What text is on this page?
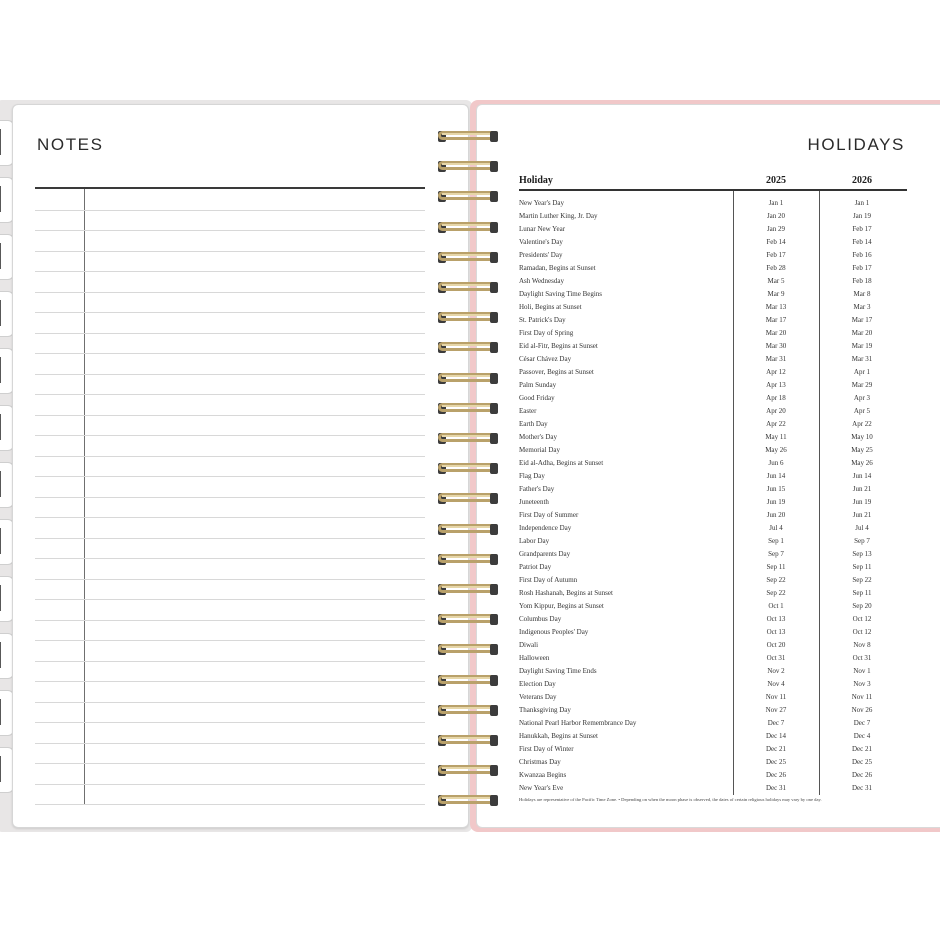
NOTES	HOLIDAYS
Holiday	2025	2026
New Year's Day	Jan 1	Jan 1
Martin Luther King, Jr. Day	Jan 20	Jan 19
Lunar New Year	Jan 29	Feb 17
Valentine's Day	Feb 14	Feb 14
Presidents' Day	Feb 17	Feb 16
Ramadan, Begins at Sunset	Feb 28	Feb 17
Ash Wednesday	Mar 5	Feb 18
Daylight Saving Time Begins	Mar 9	Mar 8
Holi, Begins at Sunset	Mar 13	Mar 3
St. Patrick's Day	Mar 17	Mar 17
First Day of Spring	Mar 20	Mar 20
Eid al-Fitr, Begins at Sunset	Mar 30	Mar 19
César Chávez Day	Mar 31	Mar 31
Passover, Begins at Sunset	Apr 12	Apr 1
Palm Sunday	Apr 13	Mar 29
Good Friday	Apr 18	Apr 3
Easter	Apr 20	Apr 5
Earth Day	Apr 22	Apr 22
Mother's Day	May 11	May 10
Memorial Day	May 26	May 25
Eid al-Adha, Begins at Sunset	Jun 6	May 26
Flag Day	Jun 14	Jun 14
Father's Day	Jun 15	Jun 21
Juneteenth	Jun 19	Jun 19
First Day of Summer	Jun 20	Jun 21
Independence Day	Jul 4	Jul 4
Labor Day	Sep 1	Sep 7
Grandparents Day	Sep 7	Sep 13
Patriot Day	Sep 11	Sep 11
First Day of Autumn	Sep 22	Sep 22
Rosh Hashanah, Begins at Sunset	Sep 22	Sep 11
Yom Kippur, Begins at Sunset	Oct 1	Sep 20
Columbus Day	Oct 13	Oct 12
Indigenous Peoples' Day	Oct 13	Oct 12
Diwali	Oct 20	Nov 8
Halloween	Oct 31	Oct 31
Daylight Saving Time Ends	Nov 2	Nov 1
Election Day	Nov 4	Nov 3
Veterans Day	Nov 11	Nov 11
Thanksgiving Day	Nov 27	Nov 26
National Pearl Harbor Remembrance Day	Dec 7	Dec 7
Hanukkah, Begins at Sunset	Dec 14	Dec 4
First Day of Winter	Dec 21	Dec 21
Christmas Day	Dec 25	Dec 25
Kwanzaa Begins	Dec 26	Dec 26
New Year's Eve	Dec 31	Dec 31
Holidays are representative of the Pacific Time Zone. • Depending on when the moon phase is observed, the dates of certain religious holidays may vary by one day.
